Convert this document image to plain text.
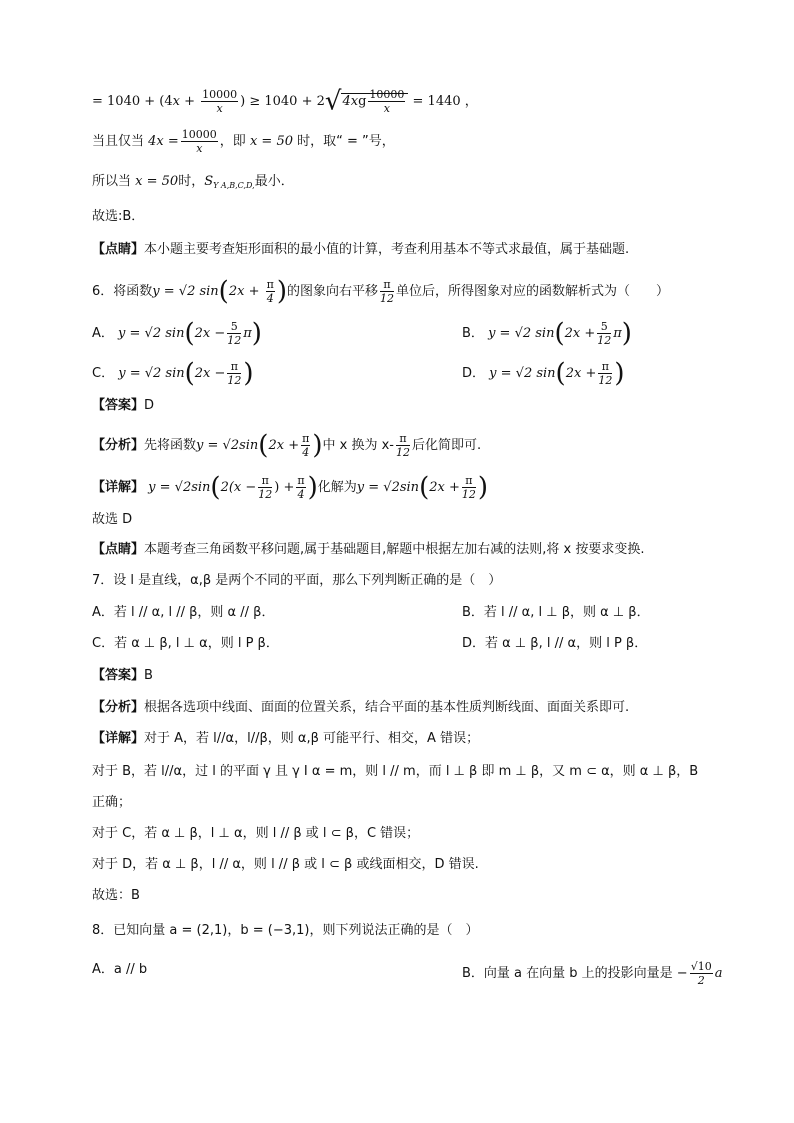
= $1040 + (4x + \frac{10000}{x}$ ) ≥ $1040 + 2√4xg \frac{10000}{x} = 1440$ ，
当且仅当 $4x = \frac{10000}{x}$ ，即 x = 50 时，取“ = ”号，
所以当 x = 50时，$S_{Y A,B,C,D,}$最小．
故选:B．
【点睛】本小题主要考查矩形面积的最小值的计算，考查利用基本不等式求最值，属于基础题.
6．将函数y = √2 $\sin(2x + \frac{\pi}{4}$ )的图象向右平移 $\frac{\pi}{12}$ 单位后，所得图象对应的函数解析式为（　　）
A． y = √2 $\sin(2x - \frac{5}{12} \pi)$	B． y = √2 $\sin(2x + \frac{5}{12} \pi)$
C． y = √2 $\sin(2x - \frac{\pi}{12}$ )	D． y = √2 $\sin(2x + \frac{\pi}{12}$ )
【答案】D
【分析】先将函数$y = √2\sin(2x + \frac{\pi}{4}$ )中 x 换为 $x- \frac{\pi}{12}$ 后化简即可.
【详解】 $y = √2\sin(2(x - \frac{\pi}{12}$ ) + $\frac{\pi}{4}$ )化解为$y = √2\sin(2x + \frac{\pi}{12}$ )
故选 D
【点睛】本题考查三角函数平移问题,属于基础题目,解题中根据左加右减的法则,将 x 按要求变换.
7．设 l 是直线，α,β 是两个不同的平面，那么下列判断正确的是（　）
A．若 l // α, l // β，则 α // β．	B．若 l // α, l ⊥ β，则 α ⊥ β．
C．若 α ⊥ β, l ⊥ α，则 l P β．	D．若 α ⊥ β, l // α，则 l P β．
【答案】B
【分析】根据各选项中线面、面面的位置关系，结合平面的基本性质判断线面、面面关系即可.
【详解】对于 A，若 l//α，l//β，则 α,β 可能平行、相交，A 错误；
对于 B，若 l//α，过 l 的平面 γ 且 γ I α = m，则 l // m，而 l ⊥ β 即 m ⊥ β，又 m ⊂ α，则 α ⊥ β，B
正确；
对于 C，若 α ⊥ β，l ⊥ α，则 l // β 或 l ⊂ β，C 错误；
对于 D，若 α ⊥ β，l // α，则 l // β 或 l ⊂ β 或线面相交，D 错误.
故选：B
8．已知向量 a = (2,1)，b = (−3,1)，则下列说法正确的是（　）
A．a // b	B．向量 a 在向量 b 上的投影向量是 − $\frac{√10}{2}$ a
